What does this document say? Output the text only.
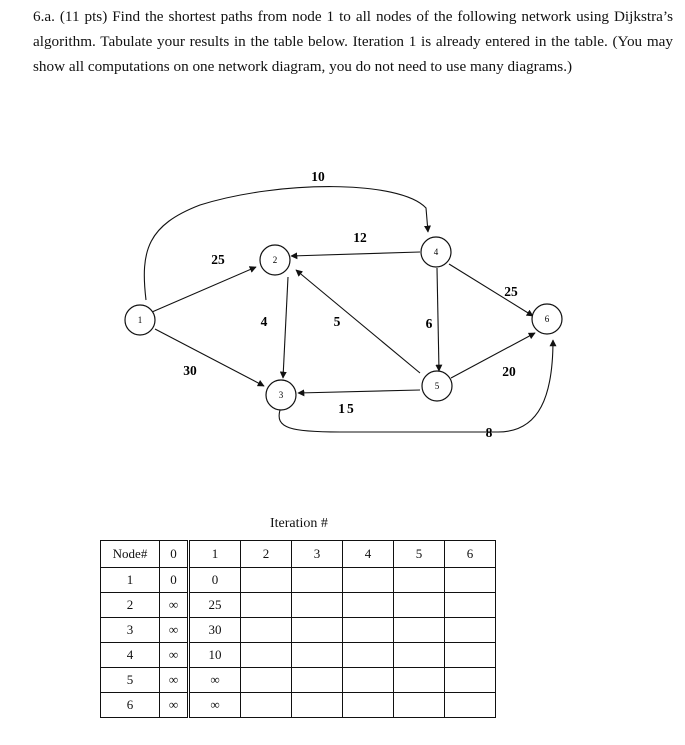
6.a. (11 pts) Find the shortest paths from node 1 to all nodes of the following network using Dijkstra’s algorithm. Tabulate your results in the table below. Iteration 1 is already entered in the table. (You may show all computations on one network diagram, you do not need to use many diagrams.)

1
2
3
4
5
6
10
12
25
25
4	5	6
30	20
15
8
Iteration #
Node#	0	1	2	3	4	5	6
1	0	0					
2	∞	25					
3	∞	30					
4	∞	10					
5	∞	∞					
6	∞	∞					
